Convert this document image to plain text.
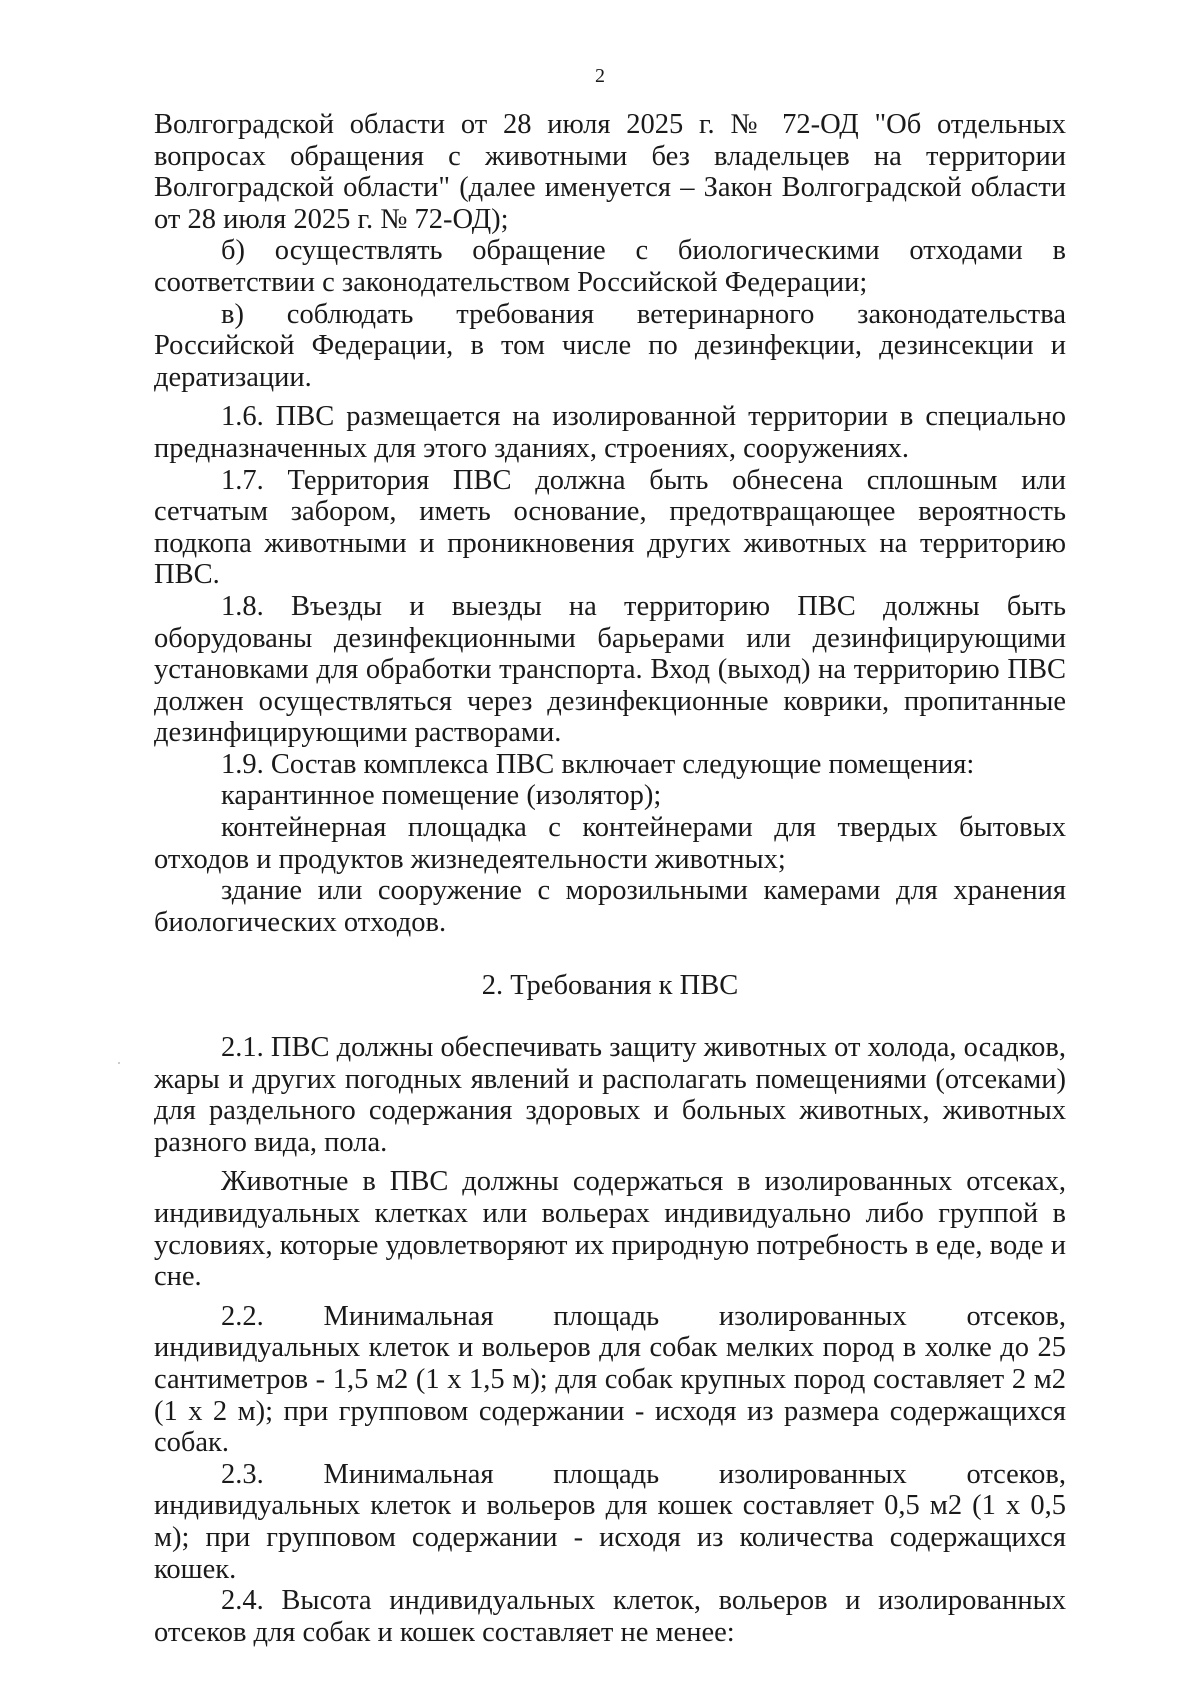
2

Волгоградской области от 28 июля 2025 г. № 72-ОД "Об отдельных вопросах обращения с животными без владельцев на территории Волгоградской области" (далее именуется – Закон Волгоградской области от 28 июля 2025 г. № 72-ОД);

б) осуществлять обращение с биологическими отходами в соответствии с законодательством Российской Федерации;

в) соблюдать требования ветеринарного законодательства Российской Федерации, в том числе по дезинфекции, дезинсекции и дератизации.

1.6. ПВС размещается на изолированной территории в специально предназначенных для этого зданиях, строениях, сооружениях.

1.7. Территория ПВС должна быть обнесена сплошным или сетчатым забором, иметь основание, предотвращающее вероятность подкопа животными и проникновения других животных на территорию ПВС.

1.8. Въезды и выезды на территорию ПВС должны быть оборудованы дезинфекционными барьерами или дезинфицирующими установками для обработки транспорта. Вход (выход) на территорию ПВС должен осуществляться через дезинфекционные коврики, пропитанные дезинфицирующими растворами.

1.9. Состав комплекса ПВС включает следующие помещения:

карантинное помещение (изолятор);

контейнерная площадка с контейнерами для твердых бытовых отходов и продуктов жизнедеятельности животных;

здание или сооружение с морозильными камерами для хранения биологических отходов.

2. Требования к ПВС

2.1. ПВС должны обеспечивать защиту животных от холода, осадков, жары и других погодных явлений и располагать помещениями (отсеками) для раздельного содержания здоровых и больных животных, животных разного вида, пола.

Животные в ПВС должны содержаться в изолированных отсеках, индивидуальных клетках или вольерах индивидуально либо группой в условиях, которые удовлетворяют их природную потребность в еде, воде и сне.

2.2. Минимальная площадь изолированных отсеков, индивидуальных клеток и вольеров для собак мелких пород в холке до 25 сантиметров - 1,5 м2 (1 х 1,5 м); для собак крупных пород составляет 2 м2 (1 х 2 м); при групповом содержании - исходя из размера содержащихся собак.

2.3. Минимальная площадь изолированных отсеков, индивидуальных клеток и вольеров для кошек составляет 0,5 м2 (1 х 0,5 м); при групповом содержании - исходя из количества содержащихся кошек.

2.4. Высота индивидуальных клеток, вольеров и изолированных отсеков для собак и кошек составляет не менее:
